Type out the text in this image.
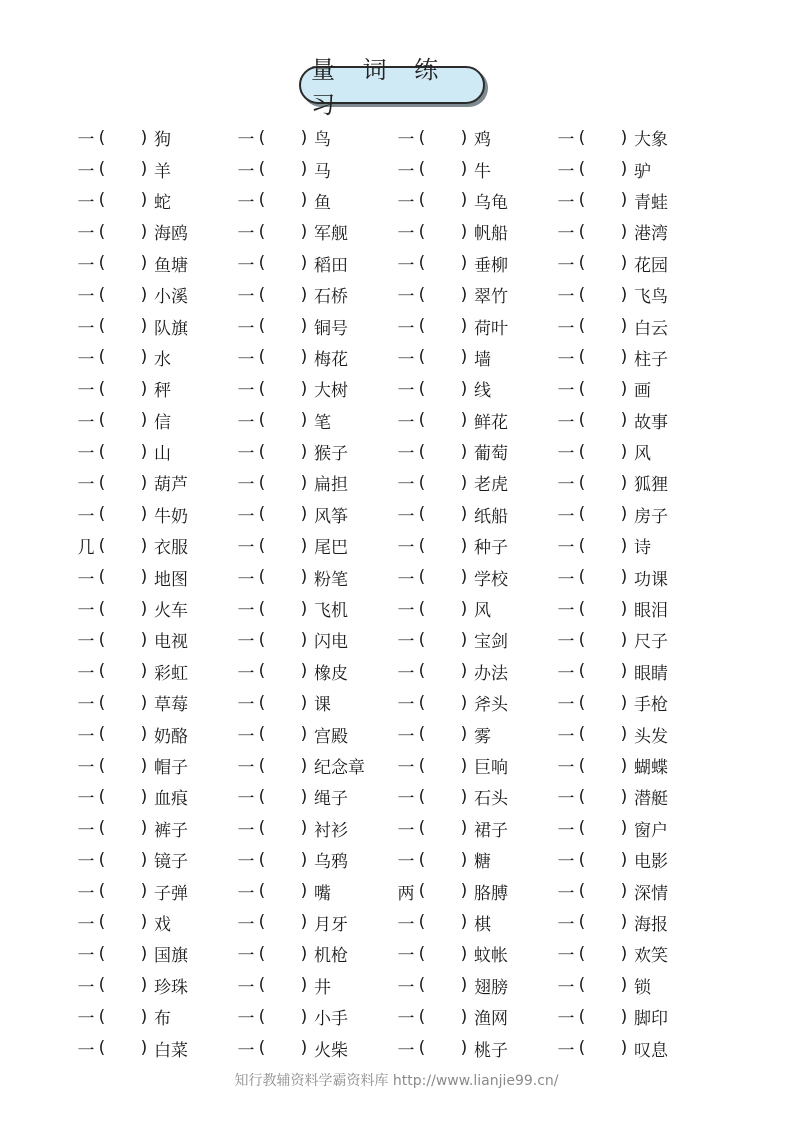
量 词 练 习
一 ( ) 狗	一 ( ) 鸟	一 ( ) 鸡	一 ( ) 大象
一 ( ) 羊	一 ( ) 马	一 ( ) 牛	一 ( ) 驴
一 ( ) 蛇	一 ( ) 鱼	一 ( ) 乌龟	一 ( ) 青蛙
一 ( ) 海鸥	一 ( ) 军舰	一 ( ) 帆船	一 ( ) 港湾
一 ( ) 鱼塘	一 ( ) 稻田	一 ( ) 垂柳	一 ( ) 花园
一 ( ) 小溪	一 ( ) 石桥	一 ( ) 翠竹	一 ( ) 飞鸟
一 ( ) 队旗	一 ( ) 铜号	一 ( ) 荷叶	一 ( ) 白云
一 ( ) 水	一 ( ) 梅花	一 ( ) 墙	一 ( ) 柱子
一 ( ) 秤	一 ( ) 大树	一 ( ) 线	一 ( ) 画
一 ( ) 信	一 ( ) 笔	一 ( ) 鲜花	一 ( ) 故事
一 ( ) 山	一 ( ) 猴子	一 ( ) 葡萄	一 ( ) 风
一 ( ) 葫芦	一 ( ) 扁担	一 ( ) 老虎	一 ( ) 狐狸
一 ( ) 牛奶	一 ( ) 风筝	一 ( ) 纸船	一 ( ) 房子
几 ( ) 衣服	一 ( ) 尾巴	一 ( ) 种子	一 ( ) 诗
一 ( ) 地图	一 ( ) 粉笔	一 ( ) 学校	一 ( ) 功课
一 ( ) 火车	一 ( ) 飞机	一 ( ) 风	一 ( ) 眼泪
一 ( ) 电视	一 ( ) 闪电	一 ( ) 宝剑	一 ( ) 尺子
一 ( ) 彩虹	一 ( ) 橡皮	一 ( ) 办法	一 ( ) 眼睛
一 ( ) 草莓	一 ( ) 课	一 ( ) 斧头	一 ( ) 手枪
一 ( ) 奶酪	一 ( ) 宫殿	一 ( ) 雾	一 ( ) 头发
一 ( ) 帽子	一 ( ) 纪念章 一 ( ) 巨响	一 ( ) 蝴蝶
一 ( ) 血痕	一 ( ) 绳子	一 ( ) 石头	一 ( ) 潜艇
一 ( ) 裤子	一 ( ) 衬衫	一 ( ) 裙子	一 ( ) 窗户
一 ( ) 镜子	一 ( ) 乌鸦	一 ( ) 糖	一 ( ) 电影
一 ( ) 子弹	一 ( ) 嘴	两 ( ) 胳膊	一 ( ) 深情
一 ( ) 戏	一 ( ) 月牙	一 ( ) 棋	一 ( ) 海报
一 ( ) 国旗	一 ( ) 机枪	一 ( ) 蚊帐	一 ( ) 欢笑
一 ( ) 珍珠	一 ( ) 井	一 ( ) 翅膀	一 ( ) 锁
一 ( ) 布	一 ( ) 小手	一 ( ) 渔网	一 ( ) 脚印
一 ( ) 白菜	一 ( ) 火柴	一 ( ) 桃子	一 ( ) 叹息
知行教辅资料学霸资料库 http://www.lianjie99.cn/
